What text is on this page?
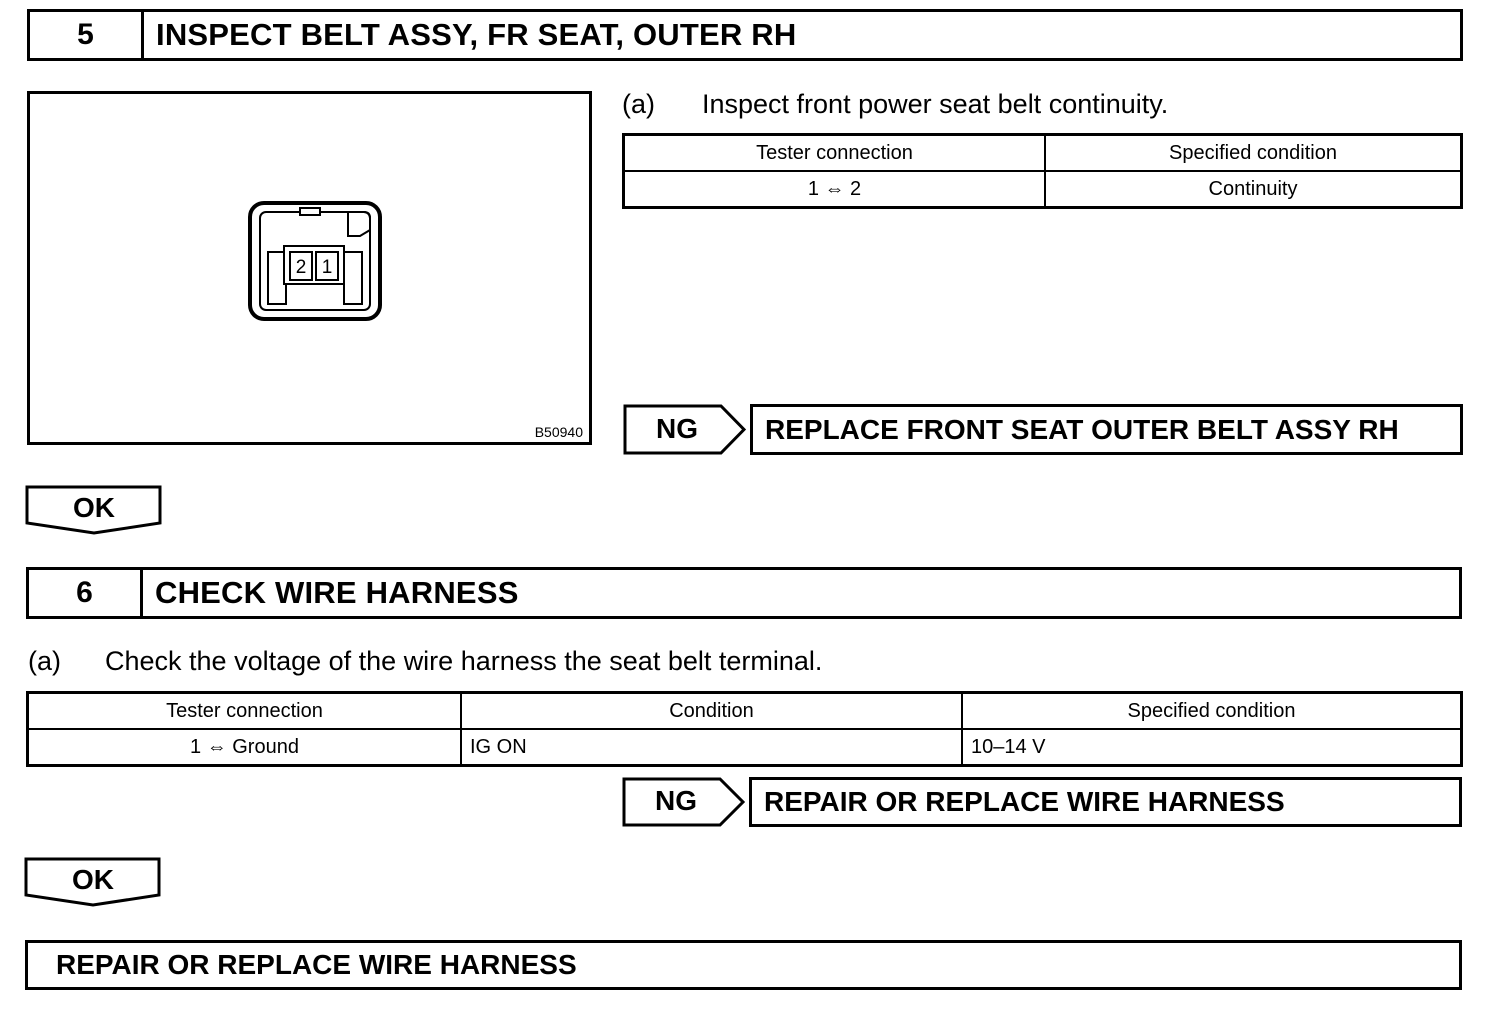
5	INSPECT BELT ASSY, FR SEAT, OUTER RH
2 1
B50940
(a)	Inspect front power seat belt continuity.
Tester connection	Specified condition
1 ⇔ 2	Continuity
NG	REPLACE FRONT SEAT OUTER BELT ASSY RH
OK
6	CHECK WIRE HARNESS
(a)	Check the voltage of the wire harness the seat belt terminal.
Tester connection	Condition	Specified condition
1 ⇔ Ground	IG ON	10–14 V
NG	REPAIR OR REPLACE WIRE HARNESS
OK
REPAIR OR REPLACE WIRE HARNESS
